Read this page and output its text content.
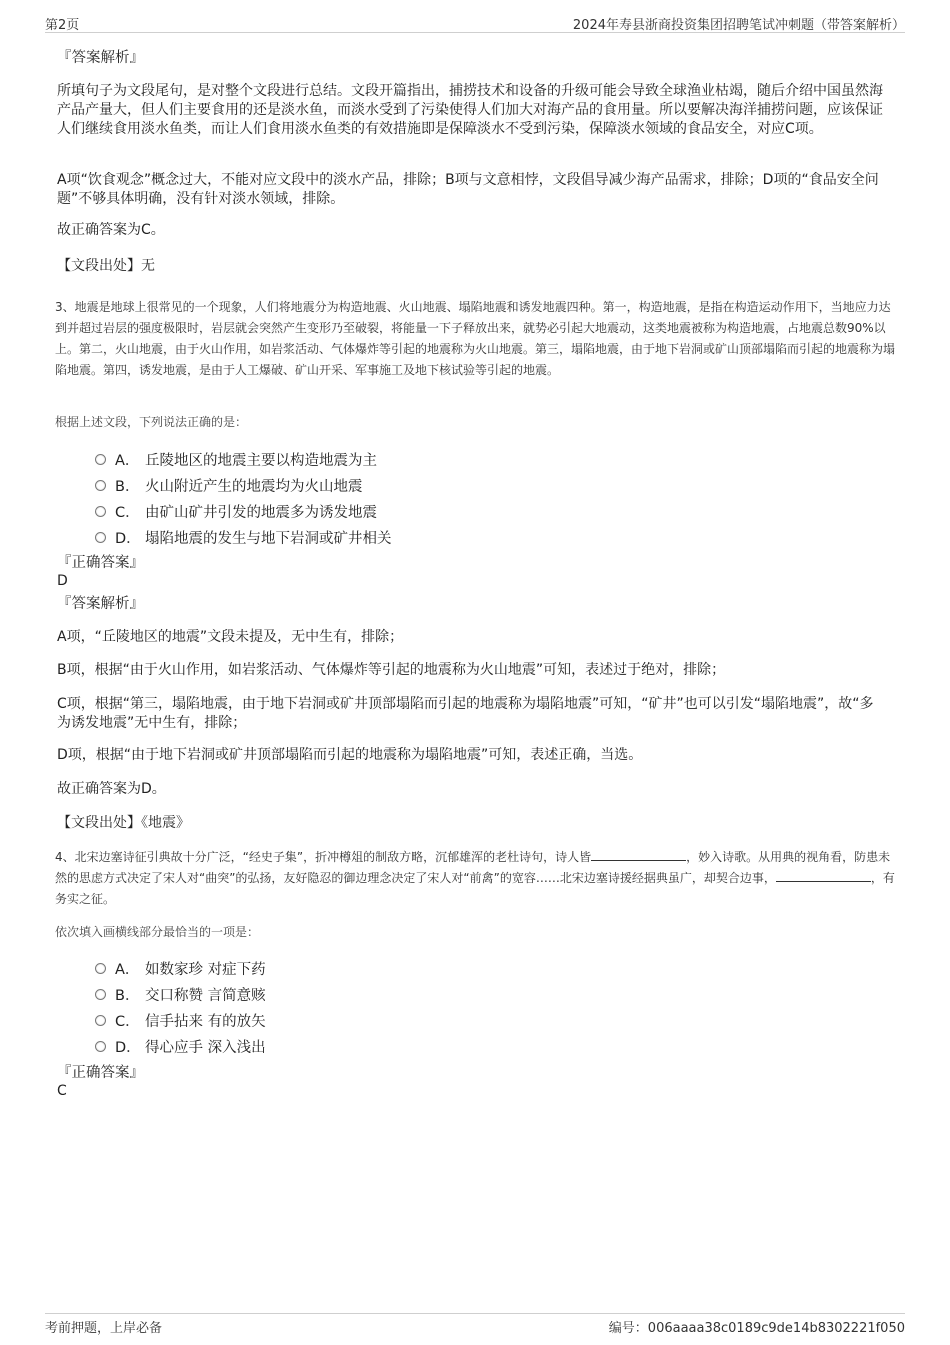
第2页	2024年寿县浙商投资集团招聘笔试冲刺题（带答案解析）
『答案解析』
所填句子为文段尾句，是对整个文段进行总结。文段开篇指出，捕捞技术和设备的升级可能会导致全球渔业枯竭，随后介绍中国虽然海产品产量大，但人们主要食用的还是淡水鱼，而淡水受到了污染使得人们加大对海产品的食用量。所以要解决海洋捕捞问题，应该保证人们继续食用淡水鱼类，而让人们食用淡水鱼类的有效措施即是保障淡水不受到污染，保障淡水领域的食品安全，对应C项。
A项“饮食观念”概念过大，不能对应文段中的淡水产品，排除；B项与文意相悖，文段倡导减少海产品需求，排除；D项的“食品安全问题”不够具体明确，没有针对淡水领域，排除。
故正确答案为C。
【文段出处】无
3、地震是地球上很常见的一个现象，人们将地震分为构造地震、火山地震、塌陷地震和诱发地震四种。第一，构造地震，是指在构造运动作用下，当地应力达到并超过岩层的强度极限时，岩层就会突然产生变形乃至破裂，将能量一下子释放出来，就势必引起大地震动，这类地震被称为构造地震，占地震总数90%以上。第二，火山地震，由于火山作用，如岩浆活动、气体爆炸等引起的地震称为火山地震。第三，塌陷地震，由于地下岩洞或矿山顶部塌陷而引起的地震称为塌陷地震。第四，诱发地震，是由于人工爆破、矿山开采、军事施工及地下核试验等引起的地震。
根据上述文段，下列说法正确的是：
A． 丘陵地区的地震主要以构造地震为主
B． 火山附近产生的地震均为火山地震
C． 由矿山矿井引发的地震多为诱发地震
D． 塌陷地震的发生与地下岩洞或矿井相关
『正确答案』
D
『答案解析』
A项，“丘陵地区的地震”文段未提及，无中生有，排除；
B项，根据“由于火山作用，如岩浆活动、气体爆炸等引起的地震称为火山地震”可知，表述过于绝对，排除；
C项，根据“第三，塌陷地震，由于地下岩洞或矿井顶部塌陷而引起的地震称为塌陷地震”可知，“矿井”也可以引发“塌陷地震”，故“多为诱发地震”无中生有，排除；
D项，根据“由于地下岩洞或矿井顶部塌陷而引起的地震称为塌陷地震”可知，表述正确，当选。
故正确答案为D。
【文段出处】《地震》
4、北宋边塞诗征引典故十分广泛，“经史子集”，折冲樽俎的制敌方略，沉郁雄浑的老杜诗句，诗人皆	，妙入诗歌。从用典的视角看，防患未然的思虑方式决定了宋人对“曲突”的弘扬，友好隐忍的御边理念决定了宋人对“前禽”的宽容……北宋边塞诗援经据典虽广，却契合边事，	，有务实之征。
依次填入画横线部分最恰当的一项是：
A． 如数家珍 对症下药
B． 交口称赞 言简意赅
C． 信手拈来 有的放矢
D． 得心应手 深入浅出
『正确答案』
C
考前押题，上岸必备	编号：006aaaa38c0189c9de14b8302221f050
